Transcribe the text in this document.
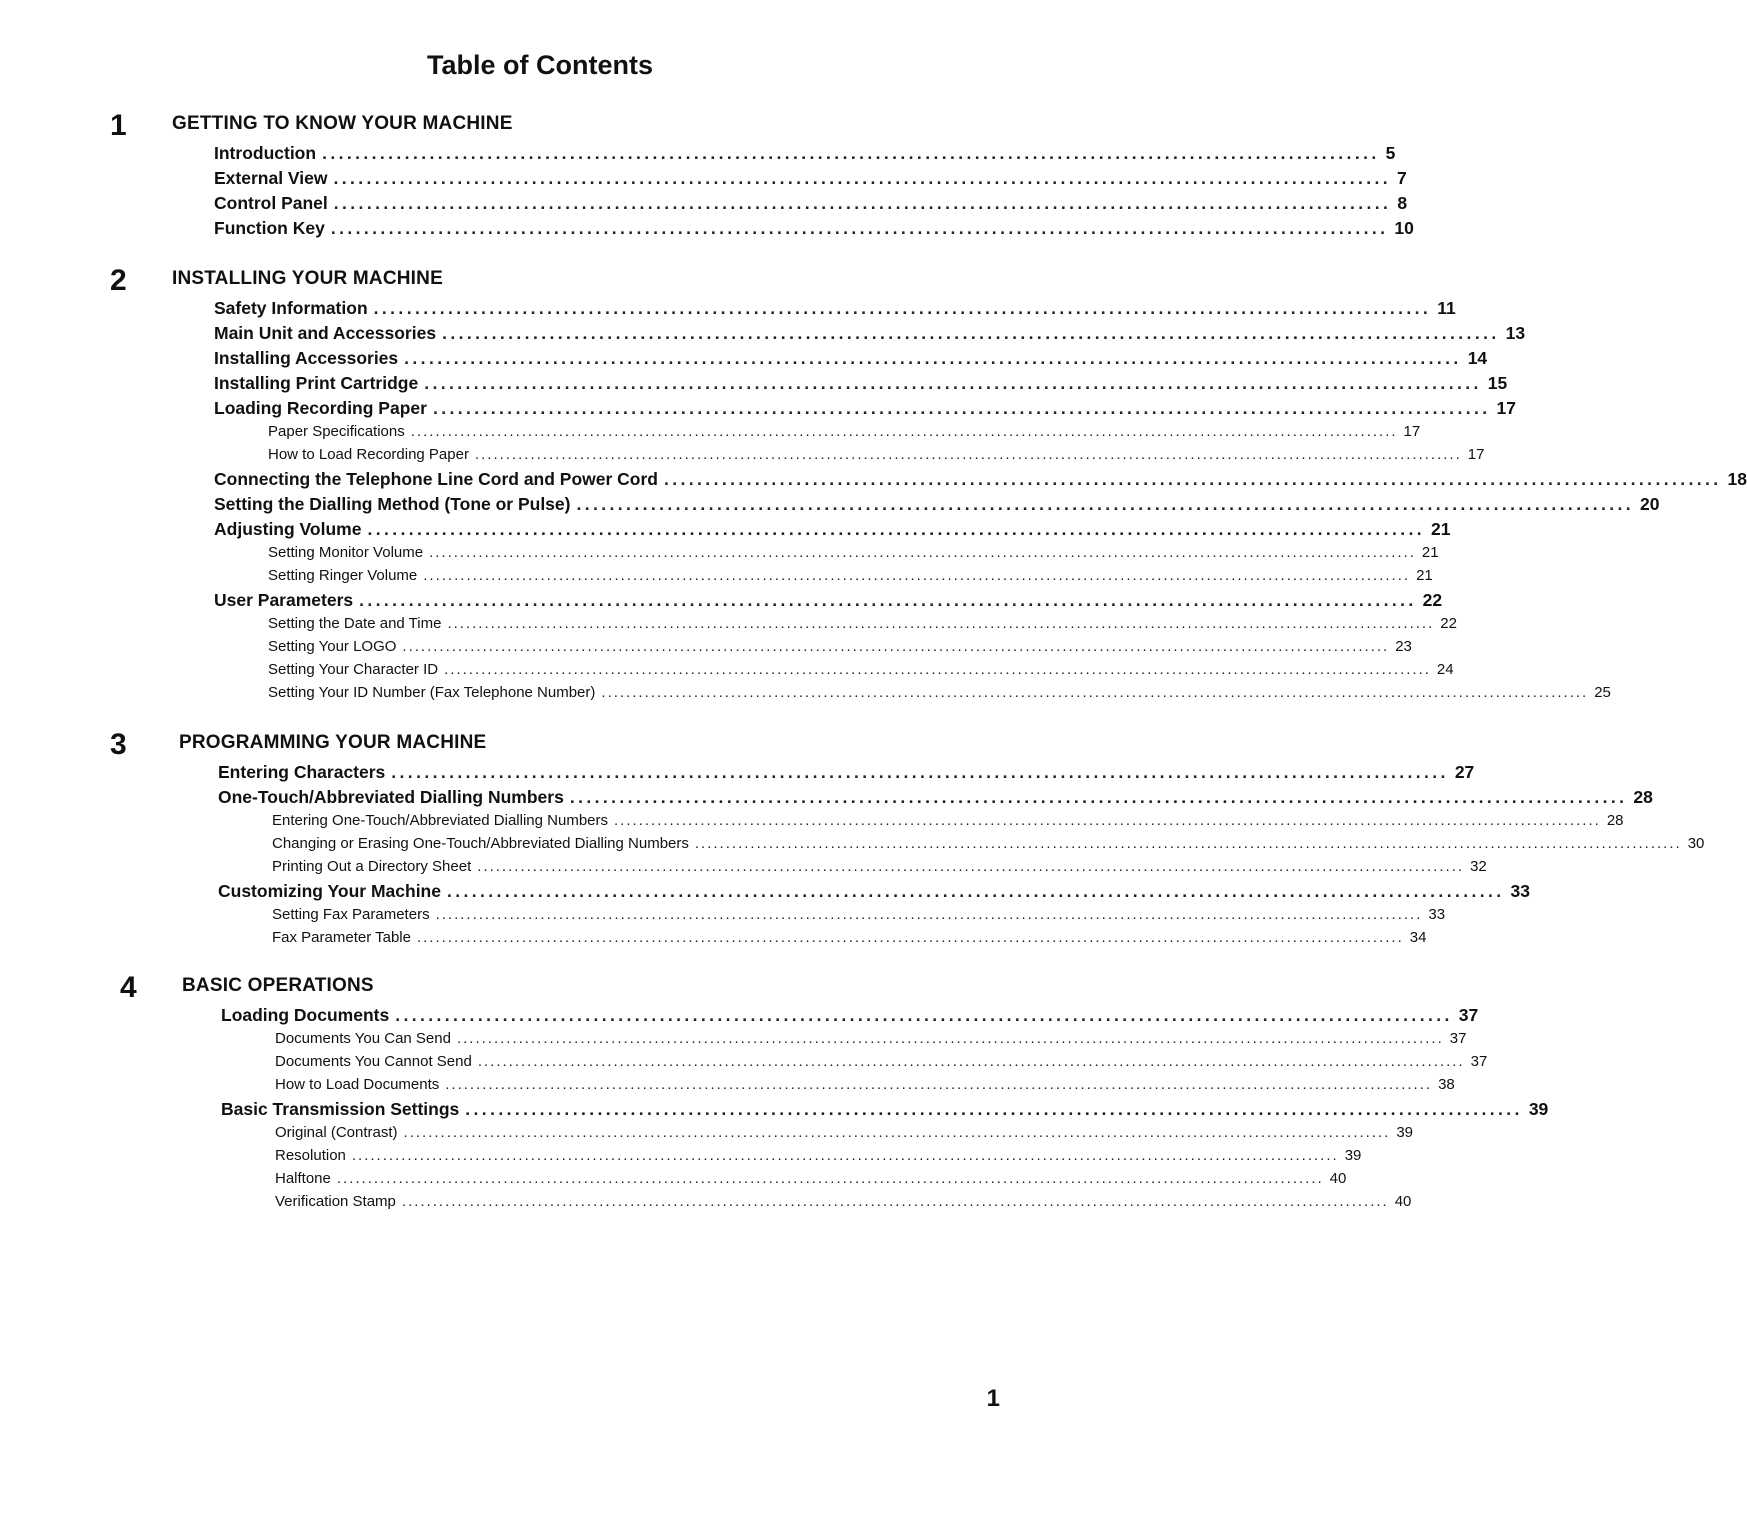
Table of Contents
1 GETTING TO KNOW YOUR MACHINE
Introduction ................................................................................................................................ 5
External View ................................................................................................................................ 7
Control Panel ................................................................................................................................ 8
Function Key ................................................................................................................................ 10
2 INSTALLING YOUR MACHINE
Safety Information ................................................................................................................................ 11
Main Unit and Accessories ................................................................................................................................ 13
Installing Accessories ................................................................................................................................ 14
Installing Print Cartridge ................................................................................................................................ 15
Loading Recording Paper ................................................................................................................................ 17
Paper Specifications ................................................................................................................................................................ 17
How to Load Recording Paper ................................................................................................................................................................ 17
Connecting the Telephone Line Cord and Power Cord ................................................................................................................................ 18
Setting the Dialling Method (Tone or Pulse) ................................................................................................................................ 20
Adjusting Volume ................................................................................................................................ 21
Setting Monitor Volume ................................................................................................................................................................ 21
Setting Ringer Volume ................................................................................................................................................................ 21
User Parameters ................................................................................................................................ 22
Setting the Date and Time ................................................................................................................................................................ 22
Setting Your LOGO ................................................................................................................................................................ 23
Setting Your Character ID ................................................................................................................................................................ 24
Setting Your ID Number (Fax Telephone Number) ................................................................................................................................................................ 25
3	PROGRAMMING YOUR MACHINE
Entering Characters ................................................................................................................................ 27
One-Touch/Abbreviated Dialling Numbers ................................................................................................................................ 28
Entering One-Touch/Abbreviated Dialling Numbers ................................................................................................................................................................ 28
Changing or Erasing One-Touch/Abbreviated Dialling Numbers ................................................................................................................................................................ 30
Printing Out a Directory Sheet ................................................................................................................................................................ 32
Customizing Your Machine ................................................................................................................................ 33
Setting Fax Parameters ................................................................................................................................................................ 33
Fax Parameter Table ................................................................................................................................................................ 34
4 BASIC OPERATIONS
Loading Documents ................................................................................................................................ 37
Documents You Can Send ................................................................................................................................................................ 37
Documents You Cannot Send ................................................................................................................................................................ 37
How to Load Documents ................................................................................................................................................................ 38
Basic Transmission Settings ................................................................................................................................ 39
Original (Contrast) ................................................................................................................................................................ 39
Resolution ................................................................................................................................................................ 39
Halftone ................................................................................................................................................................ 40
Verification Stamp ................................................................................................................................................................ 40
1
